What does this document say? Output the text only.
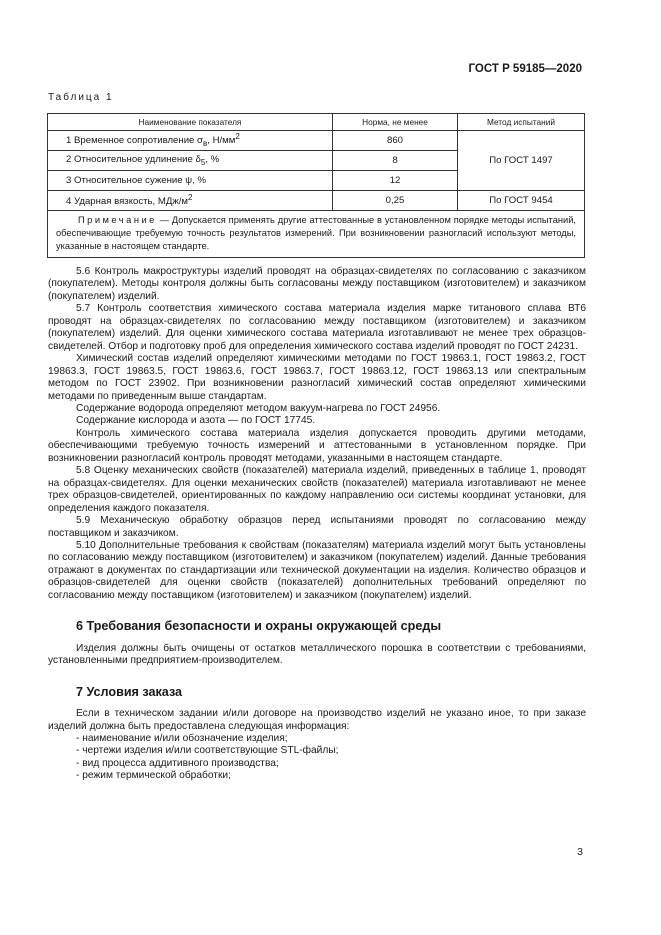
ГОСТ Р 59185—2020
Таблица 1
Наименование показателя	Норма, не менее	Метод испытаний
1 Временное сопротивление $\sigma_в$, $Н/мм^2$	860	По ГОСТ 1497
2 Относительное удлинение $\delta_5$, %	8	
3 Относительное сужение ψ, %	12	
4 Ударная вязкость, МДж/$м^2$	0,25	По ГОСТ 9454
Примечание — Допускается применять другие аттестованные в установленном порядке методы испытаний, обеспечивающие требуемую точность результатов измерений. При возникновении разногласий используют методы, указанные в настоящем стандарте.		

5.6 Контроль макроструктуры изделий проводят на образцах-свидетелях по согласованию с заказчиком (покупателем). Методы контроля должны быть согласованы между поставщиком (изготовителем) и заказчиком (покупателем) изделий.

5.7 Контроль соответствия химического состава материала изделия марке титанового сплава ВТ6 проводят на образцах-свидетелях по согласованию между поставщиком (изготовителем) и заказчиком (покупателем) изделий. Для оценки химического состава материала изготавливают не менее трех образцов-свидетелей. Отбор и подготовку проб для определения химического состава изделий проводят по ГОСТ 24231.

Химический состав изделий определяют химическими методами по ГОСТ 19863.1, ГОСТ 19863.2, ГОСТ 19863.3, ГОСТ 19863.5, ГОСТ 19863.6, ГОСТ 19863.7, ГОСТ 19863.12, ГОСТ 19863.13 или спектральным методом по ГОСТ 23902. При возникновении разногласий химический состав определяют химическими методами по приведенным выше стандартам.

Содержание водорода определяют методом вакуум-нагрева по ГОСТ 24956.

Содержание кислорода и азота — по ГОСТ 17745.

Контроль химического состава материала изделия допускается проводить другими методами, обеспечивающими требуемую точность измерений и аттестованными в установленном порядке. При возникновении разногласий контроль проводят методами, указанными в настоящем стандарте.

5.8 Оценку механических свойств (показателей) материала изделий, приведенных в таблице 1, проводят на образцах-свидетелях. Для оценки механических свойств (показателей) материала изготавливают не менее трех образцов-свидетелей, ориентированных по каждому направлению оси системы координат установки, для определения каждого показателя.

5.9 Механическую обработку образцов перед испытаниями проводят по согласованию между поставщиком и заказчиком.

5.10 Дополнительные требования к свойствам (показателям) материала изделий могут быть установлены по согласованию между поставщиком (изготовителем) и заказчиком (покупателем) изделий. Данные требования отражают в документах по стандартизации или технической документации на изделия. Количество образцов и образцов-свидетелей для оценки свойств (показателей) дополнительных требований определяют по согласованию между поставщиком (изготовителем) и заказчиком (покупателем) изделий.

6 Требования безопасности и охраны окружающей среды

Изделия должны быть очищены от остатков металлического порошка в соответствии с требованиями, установленными предприятием-производителем.

7 Условия заказа

Если в техническом задании и/или договоре на производство изделий не указано иное, то при заказе изделий должна быть предоставлена следующая информация:

- наименование и/или обозначение изделия;

- чертежи изделия и/или соответствующие STL-файлы;

- вид процесса аддитивного производства;

- режим термической обработки;

3
